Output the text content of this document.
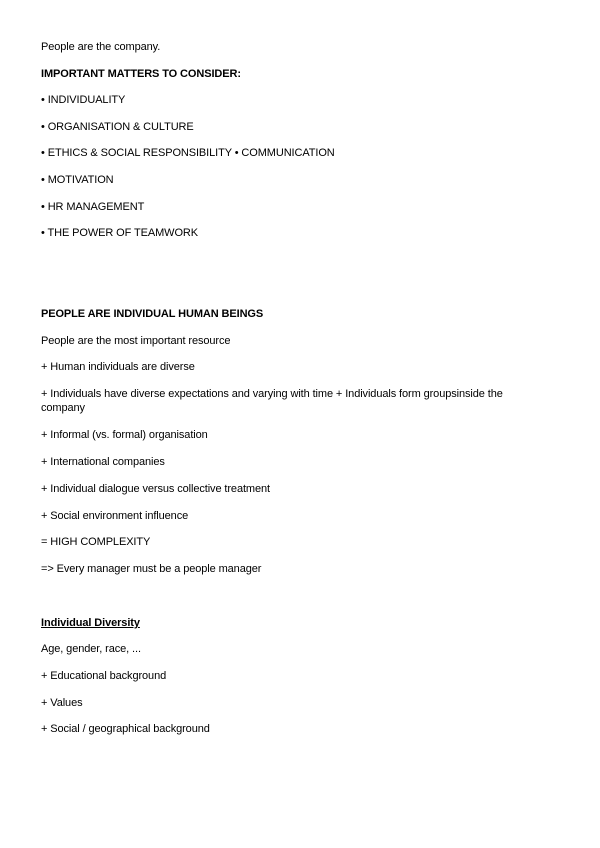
People are the company.
IMPORTANT MATTERS TO CONSIDER:
• INDIVIDUALITY
• ORGANISATION & CULTURE
• ETHICS & SOCIAL RESPONSIBILITY • COMMUNICATION
• MOTIVATION
• HR MANAGEMENT
• THE POWER OF TEAMWORK
PEOPLE ARE INDIVIDUAL HUMAN BEINGS
People are the most important resource
+ Human individuals are diverse
+ Individuals have diverse expectations and varying with time + Individuals form groupsinside the company
+ Informal (vs. formal) organisation
+ International companies
+ Individual dialogue versus collective treatment
+ Social environment influence
= HIGH COMPLEXITY
=> Every manager must be a people manager
Individual Diversity
Age, gender, race, ...
+ Educational background
+ Values
+ Social / geographical background
